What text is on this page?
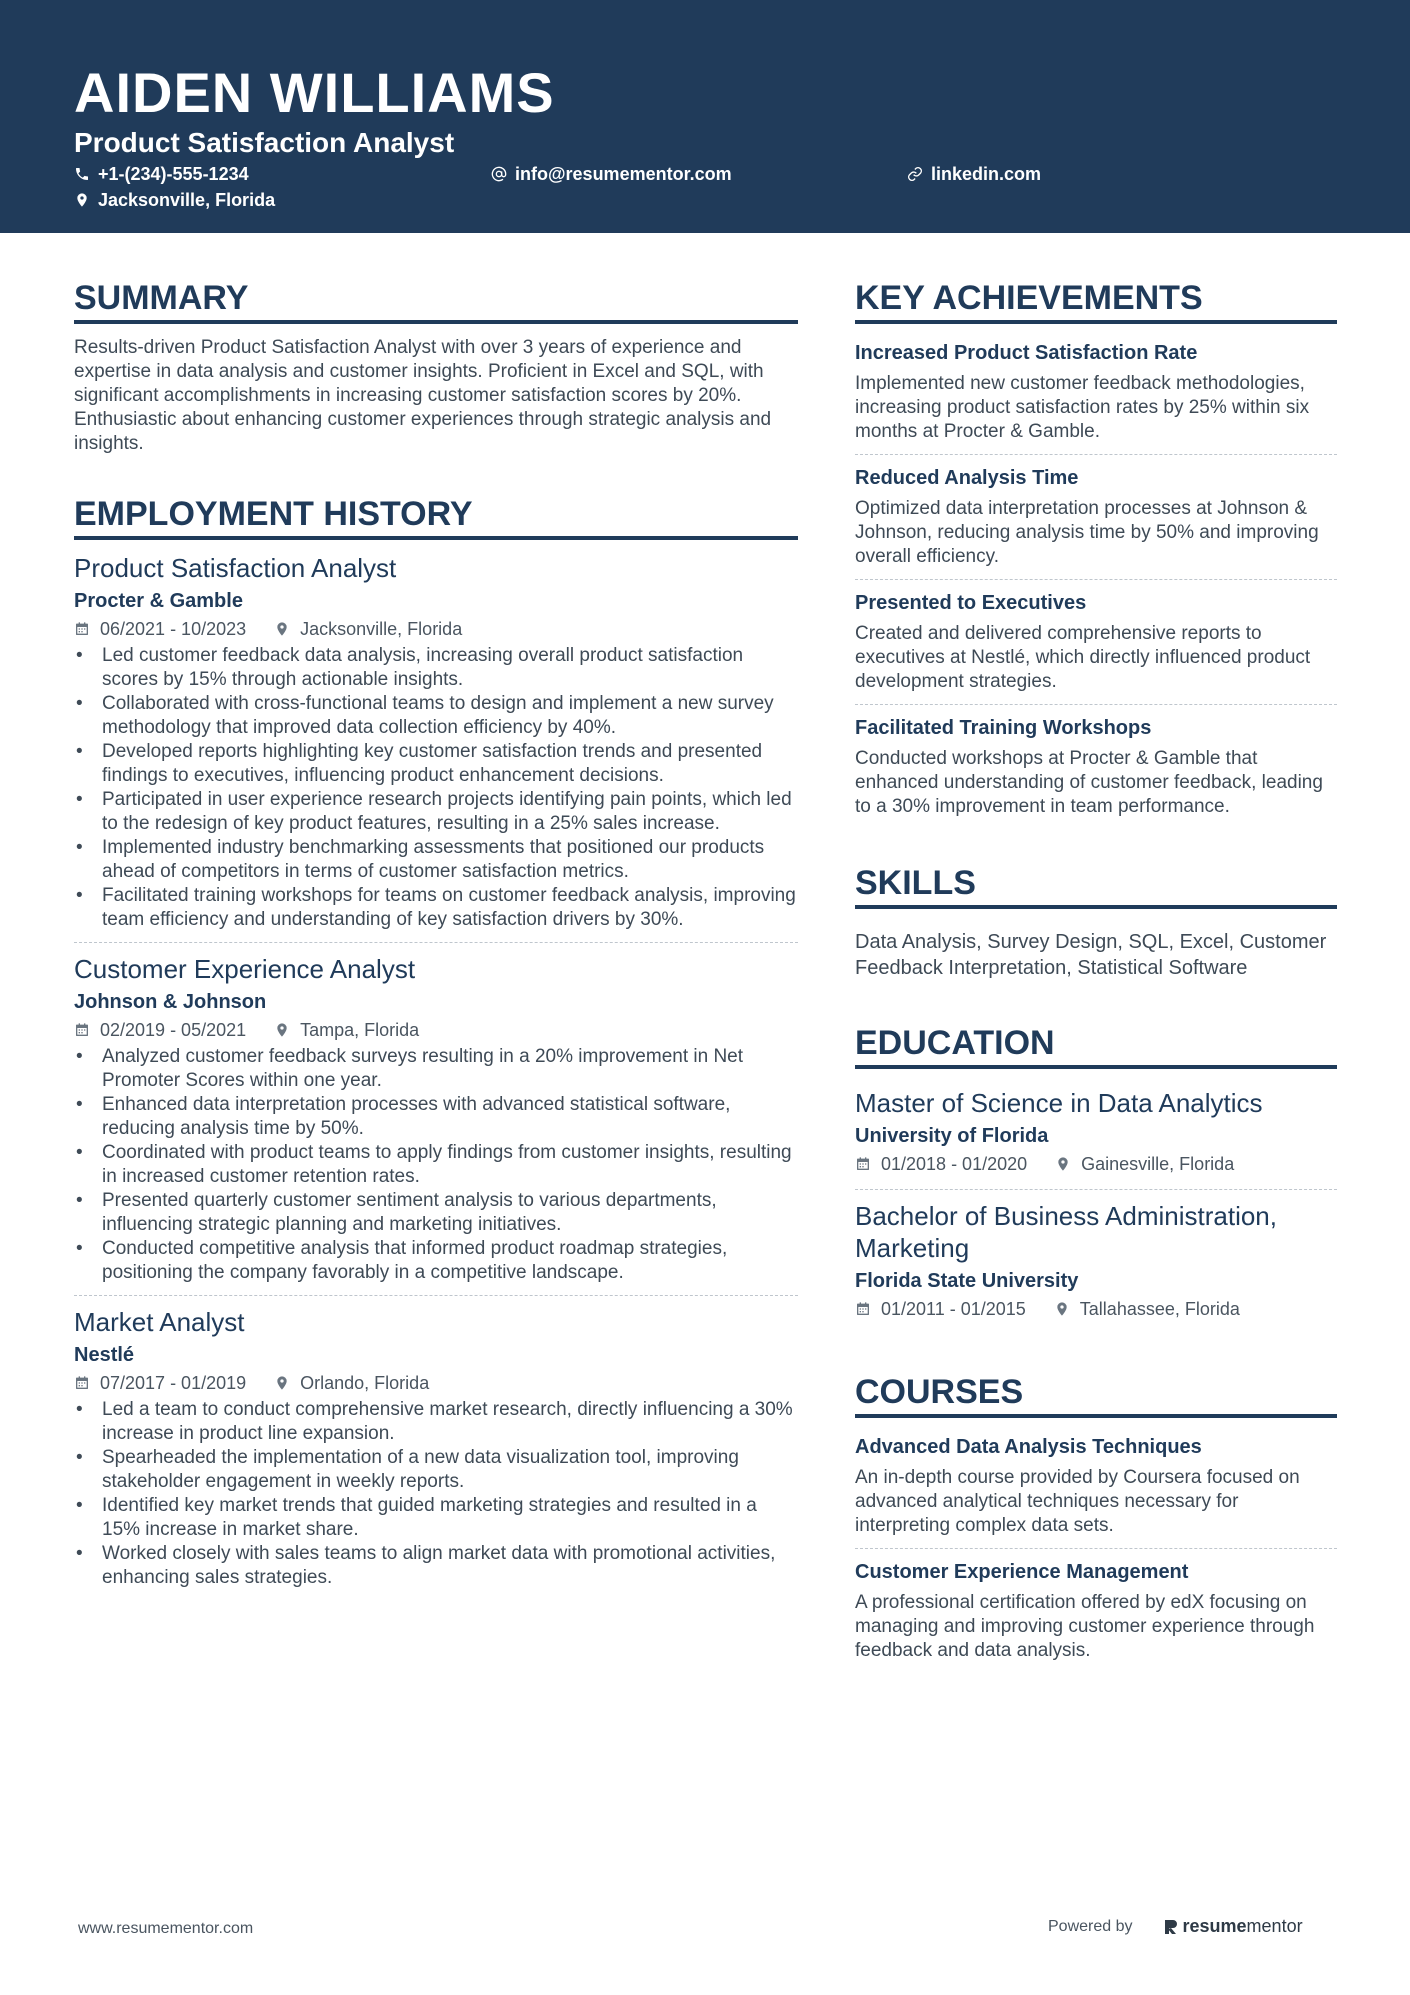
AIDEN WILLIAMS
Product Satisfaction Analyst
+1-(234)-555-1234	info@resumementor.com	linkedin.com
Jacksonville, Florida
SUMMARY
Results-driven Product Satisfaction Analyst with over 3 years of experience and expertise in data analysis and customer insights. Proficient in Excel and SQL, with significant accomplishments in increasing customer satisfaction scores by 20%. Enthusiastic about enhancing customer experiences through strategic analysis and insights.
EMPLOYMENT HISTORY
Product Satisfaction Analyst
Procter & Gamble
06/2021 - 10/2023	Jacksonville, Florida
• Led customer feedback data analysis, increasing overall product satisfaction scores by 15% through actionable insights.
• Collaborated with cross-functional teams to design and implement a new survey methodology that improved data collection efficiency by 40%.
• Developed reports highlighting key customer satisfaction trends and presented findings to executives, influencing product enhancement decisions.
• Participated in user experience research projects identifying pain points, which led to the redesign of key product features, resulting in a 25% sales increase.
• Implemented industry benchmarking assessments that positioned our products ahead of competitors in terms of customer satisfaction metrics.
• Facilitated training workshops for teams on customer feedback analysis, improving team efficiency and understanding of key satisfaction drivers by 30%.
Customer Experience Analyst
Johnson & Johnson
02/2019 - 05/2021	Tampa, Florida
• Analyzed customer feedback surveys resulting in a 20% improvement in Net Promoter Scores within one year.
• Enhanced data interpretation processes with advanced statistical software, reducing analysis time by 50%.
• Coordinated with product teams to apply findings from customer insights, resulting in increased customer retention rates.
• Presented quarterly customer sentiment analysis to various departments, influencing strategic planning and marketing initiatives.
• Conducted competitive analysis that informed product roadmap strategies, positioning the company favorably in a competitive landscape.
Market Analyst
Nestlé
07/2017 - 01/2019	Orlando, Florida
• Led a team to conduct comprehensive market research, directly influencing a 30% increase in product line expansion.
• Spearheaded the implementation of a new data visualization tool, improving stakeholder engagement in weekly reports.
• Identified key market trends that guided marketing strategies and resulted in a 15% increase in market share.
• Worked closely with sales teams to align market data with promotional activities, enhancing sales strategies.
KEY ACHIEVEMENTS
Increased Product Satisfaction Rate
Implemented new customer feedback methodologies, increasing product satisfaction rates by 25% within six months at Procter & Gamble.
Reduced Analysis Time
Optimized data interpretation processes at Johnson & Johnson, reducing analysis time by 50% and improving overall efficiency.
Presented to Executives
Created and delivered comprehensive reports to executives at Nestlé, which directly influenced product development strategies.
Facilitated Training Workshops
Conducted workshops at Procter & Gamble that enhanced understanding of customer feedback, leading to a 30% improvement in team performance.
SKILLS
Data Analysis, Survey Design, SQL, Excel, Customer Feedback Interpretation, Statistical Software
EDUCATION
Master of Science in Data Analytics
University of Florida
01/2018 - 01/2020	Gainesville, Florida
Bachelor of Business Administration, Marketing
Florida State University
01/2011 - 01/2015	Tallahassee, Florida
COURSES
Advanced Data Analysis Techniques
An in-depth course provided by Coursera focused on advanced analytical techniques necessary for interpreting complex data sets.
Customer Experience Management
A professional certification offered by edX focusing on managing and improving customer experience through feedback and data analysis.
www.resumementor.com	Powered by	resume mentor
